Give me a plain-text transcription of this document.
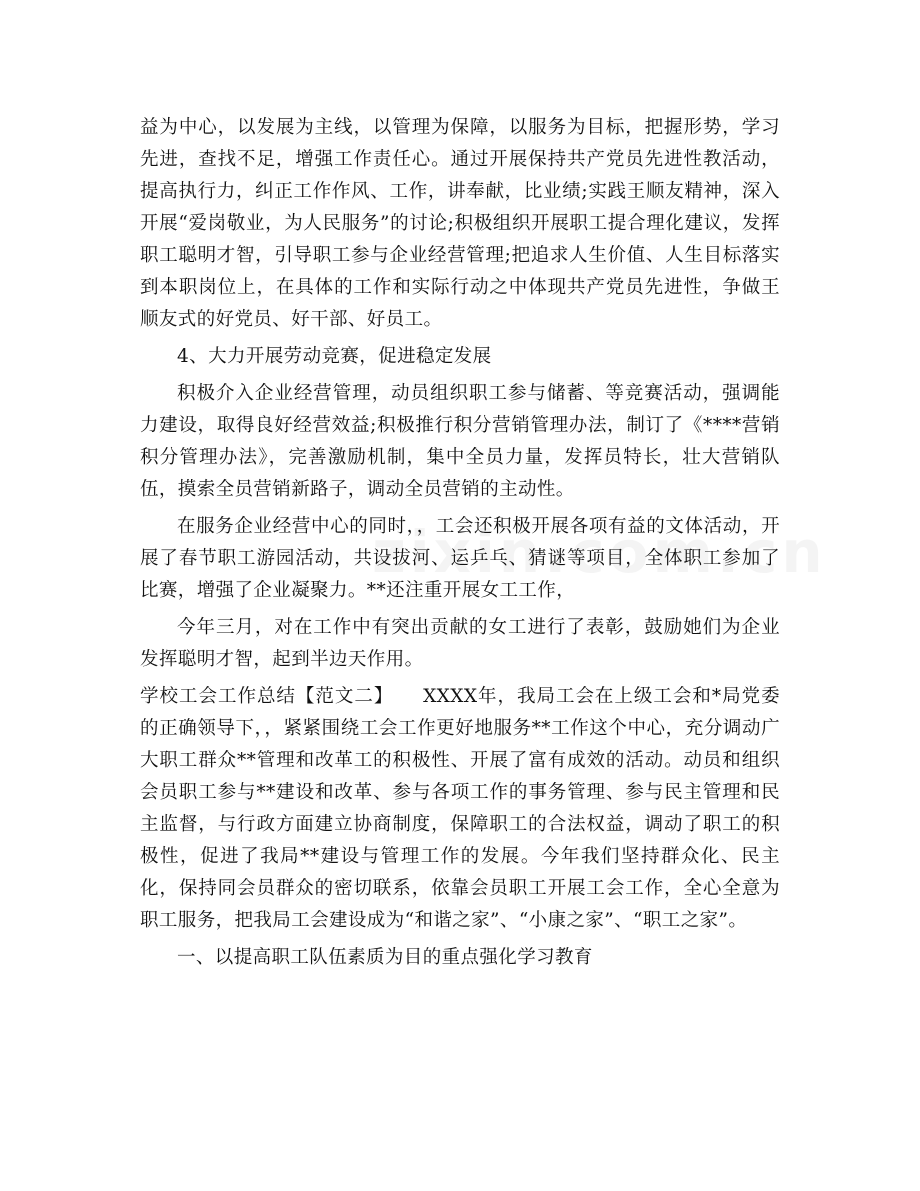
益为中心，以发展为主线，以管理为保障，以服务为目标，把握形势，学习先进，查找不足，增强工作责任心。通过开展保持共产党员先进性教活动，提高执行力，纠正工作作风、工作，讲奉献，比业绩;实践王顺友精神，深入开展“爱岗敬业，为人民服务”的讨论;积极组织开展职工提合理化建议，发挥职工聪明才智，引导职工参与企业经营管理;把追求人生价值、人生目标落实到本职岗位上，在具体的工作和实际行动之中体现共产党员先进性，争做王顺友式的好党员、好干部、好员工。

4、大力开展劳动竞赛，促进稳定发展

积极介入企业经营管理，动员组织职工参与储蓄、等竞赛活动，强调能力建设，取得良好经营效益;积极推行积分营销管理办法，制订了《****营销积分管理办法》，完善激励机制，集中全员力量，发挥员特长，壮大营销队伍，摸索全员营销新路子，调动全员营销的主动性。

在服务企业经营中心的同时，，工会还积极开展各项有益的文体活动，开展了春节职工游园活动，共设拔河、运乒乓、猜谜等项目，全体职工参加了比赛，增强了企业凝聚力。**还注重开展女工工作，

今年三月，对在工作中有突出贡献的女工进行了表彰，鼓励她们为企业发挥聪明才智，起到半边天作用。

学校工会工作总结【范文二】　　XXXX年，我局工会在上级工会和*局党委的正确领导下，，紧紧围绕工会工作更好地服务**工作这个中心，充分调动广大职工群众**管理和改革工的积极性、开展了富有成效的活动。动员和组织会员职工参与**建设和改革、参与各项工作的事务管理、参与民主管理和民主监督，与行政方面建立协商制度，保障职工的合法权益，调动了职工的积极性，促进了我局**建设与管理工作的发展。今年我们坚持群众化、民主化，保持同会员群众的密切联系，依靠会员职工开展工会工作，全心全意为职工服务，把我局工会建设成为“和谐之家”、“小康之家”、“职工之家”。

一、以提高职工队伍素质为目的重点强化学习教育
